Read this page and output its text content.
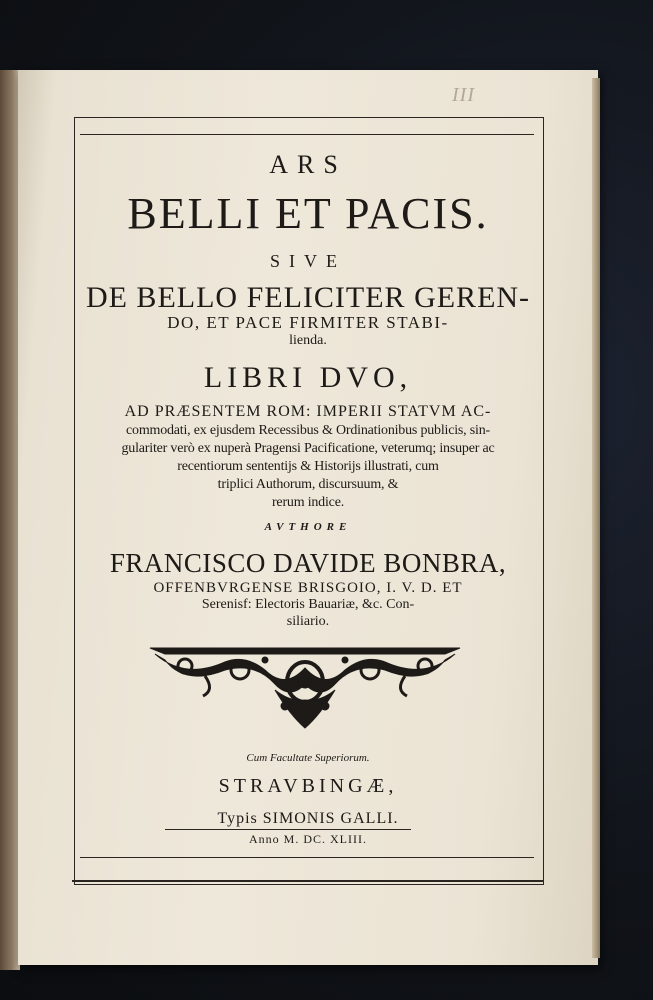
III
ARS
BELLI ET PACIS.
SIVE
DE BELLO FELICITER GEREN-
DO, ET PACE FIRMITER STABI-
lienda.
LIBRI DVO,
AD PRÆSENTEM ROM: IMPERII STATVM AC-
commodati, ex ejusdem Recessibus & Ordinationibus publicis, sin-
gulariter verò ex nuperà Pragensi Pacificatione, veterumq; insuper ac
recentiorum sententijs & Historijs illustrati, cum
triplici Authorum, discursuum, &
rerum indice.
AVTHORE
FRANCISCO DAVIDE BONBRA,
OFFENBVRGENSE BRISGOIO, I. V. D. ET
Serenisf: Electoris Bauariæ, &c. Con-
siliario.
Cum Facultate Superiorum.
STRAVBINGÆ,
Typis SIMONIS GALLI.
Anno M. DC. XLIII.
